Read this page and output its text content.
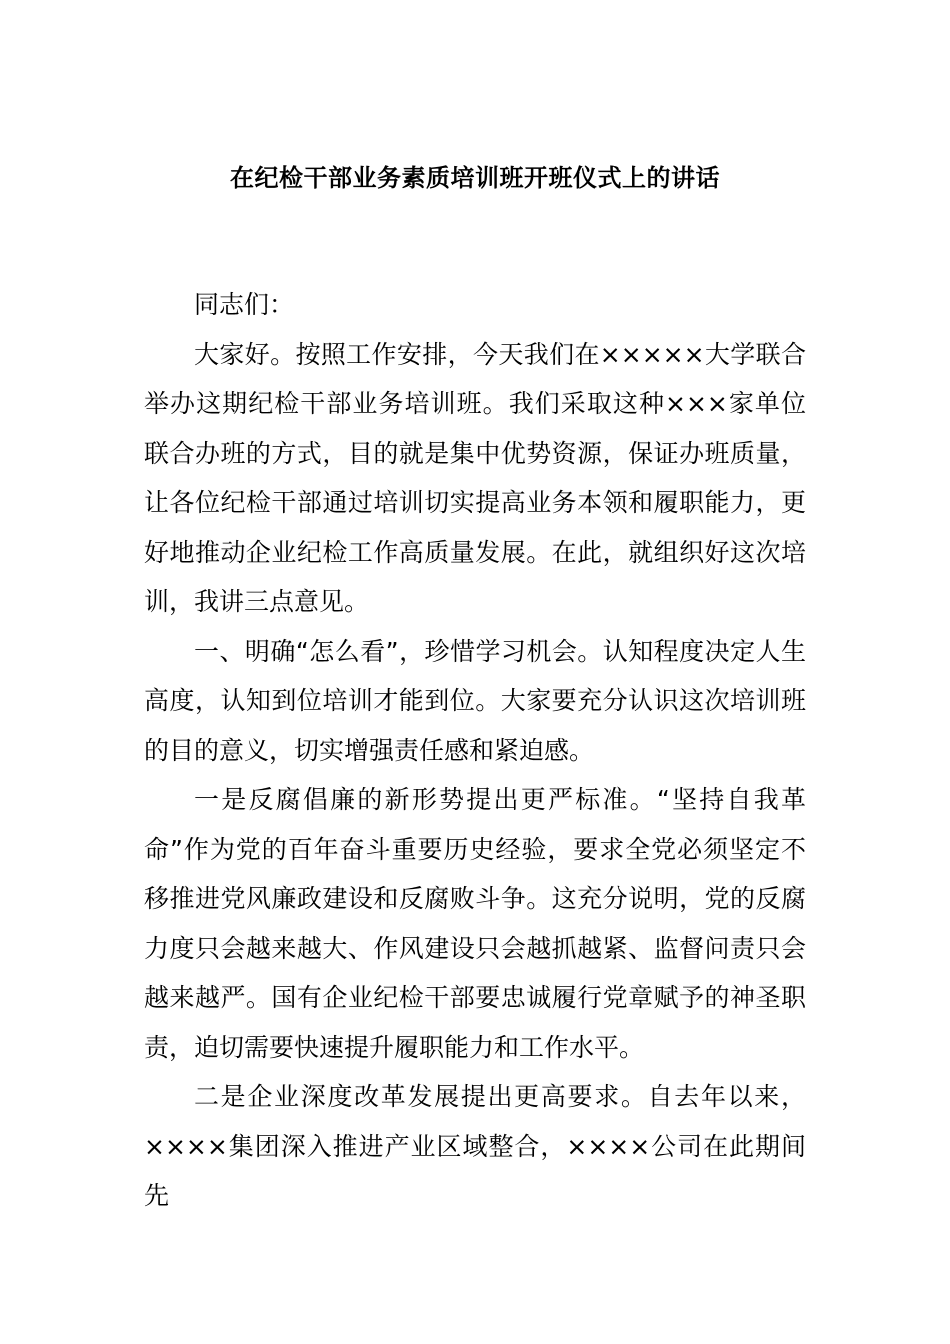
在纪检干部业务素质培训班开班仪式上的讲话

同志们：

大家好。按照工作安排，今天我们在×××××大学联合举办这期纪检干部业务培训班。我们采取这种×××家单位联合办班的方式，目的就是集中优势资源，保证办班质量，让各位纪检干部通过培训切实提高业务本领和履职能力，更好地推动企业纪检工作高质量发展。在此，就组织好这次培训，我讲三点意见。

一、明确“怎么看”，珍惜学习机会。认知程度决定人生高度，认知到位培训才能到位。大家要充分认识这次培训班的目的意义，切实增强责任感和紧迫感。

一是反腐倡廉的新形势提出更严标准。“坚持自我革命”作为党的百年奋斗重要历史经验，要求全党必须坚定不移推进党风廉政建设和反腐败斗争。这充分说明，党的反腐力度只会越来越大、作风建设只会越抓越紧、监督问责只会越来越严。国有企业纪检干部要忠诚履行党章赋予的神圣职责，迫切需要快速提升履职能力和工作水平。

二是企业深度改革发展提出更高要求。自去年以来，××××集团深入推进产业区域整合，××××公司在此期间先
